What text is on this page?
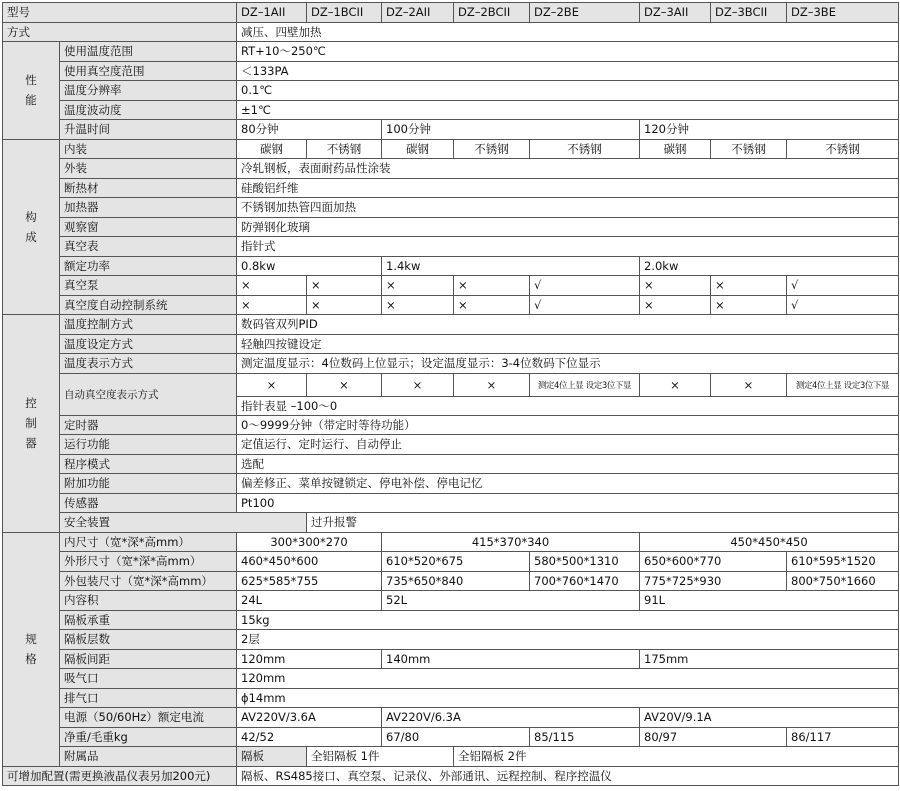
型号		DZ–1AII	DZ–1BCII	DZ–2AII	DZ–2BCII	DZ–2BE	DZ–3AII	DZ–3BCII	DZ–3BE
方式		减压、四壁加热							
性能	使用温度范围	RT+10～250℃							
	使用真空度范围	＜133PA							
	温度分辨率	0.1℃							
	温度波动度	±1℃							
	升温时间	80分钟		100分钟			120分钟		
构成	内装	碳钢	不锈钢	碳钢	不锈钢	不锈钢	碳钢	不锈钢	不锈钢
	外装	冷轧钢板，表面耐药品性涂装							
	断热材	硅酸铝纤维							
	加热器	不锈钢加热管四面加热							
	观察窗	防弹钢化玻璃							
	真空表	指针式							
	额定功率	0.8kw		1.4kw			2.0kw		
	真空泵	×	×	×	×	√	×	×	√
	真空度自动控制系统	×	×	×	×	√	×	×	√
控制器	温度控制方式	数码管双列PID							
	温度设定方式	轻触四按键设定							
	温度表示方式	测定温度显示：4位数码上位显示；设定温度显示：3-4位数码下位显示							
	自动真空度表示方式	×	×	×	×	测定4位上显 设定3位下显	×	×	测定4位上显 设定3位下显
		指针表显 –100～0							
	定时器	0～9999分钟（带定时等待功能）							
	运行功能	定值运行、定时运行、自动停止							
	程序模式	选配							
	附加功能	偏差修正、菜单按键锁定、停电补偿、停电记忆							
	传感器	Pt100							
	安全装置		过升报警						
规格	内尺寸（宽*深*高mm）	300*300*270		415*370*340			450*450*450		
	外形尺寸（宽*深*高mm）	460*450*600		610*520*675		580*500*1310	650*600*770		610*595*1520
	外包装尺寸（宽*深*高mm）	625*585*755		735*650*840		700*760*1470	775*725*930		800*750*1660
	内容积	24L		52L			91L		
	隔板承重	15kg							
	隔板层数	2层							
	隔板间距	120mm		140mm			175mm		
	吸气口	120mm							
	排气口	ϕ14mm							
	电源（50/60Hz）额定电流	AV220V/3.6A		AV220V/6.3A			AV20V/9.1A		
	净重/毛重kg	42/52		67/80		85/115	80/97		86/117
	附属品	隔板	全铝隔板 1件		全铝隔板 2件				
可增加配置(需更换液晶仪表另加200元)		隔板、RS485接口、真空泵、记录仪、外部通讯、远程控制、程序控温仪							
